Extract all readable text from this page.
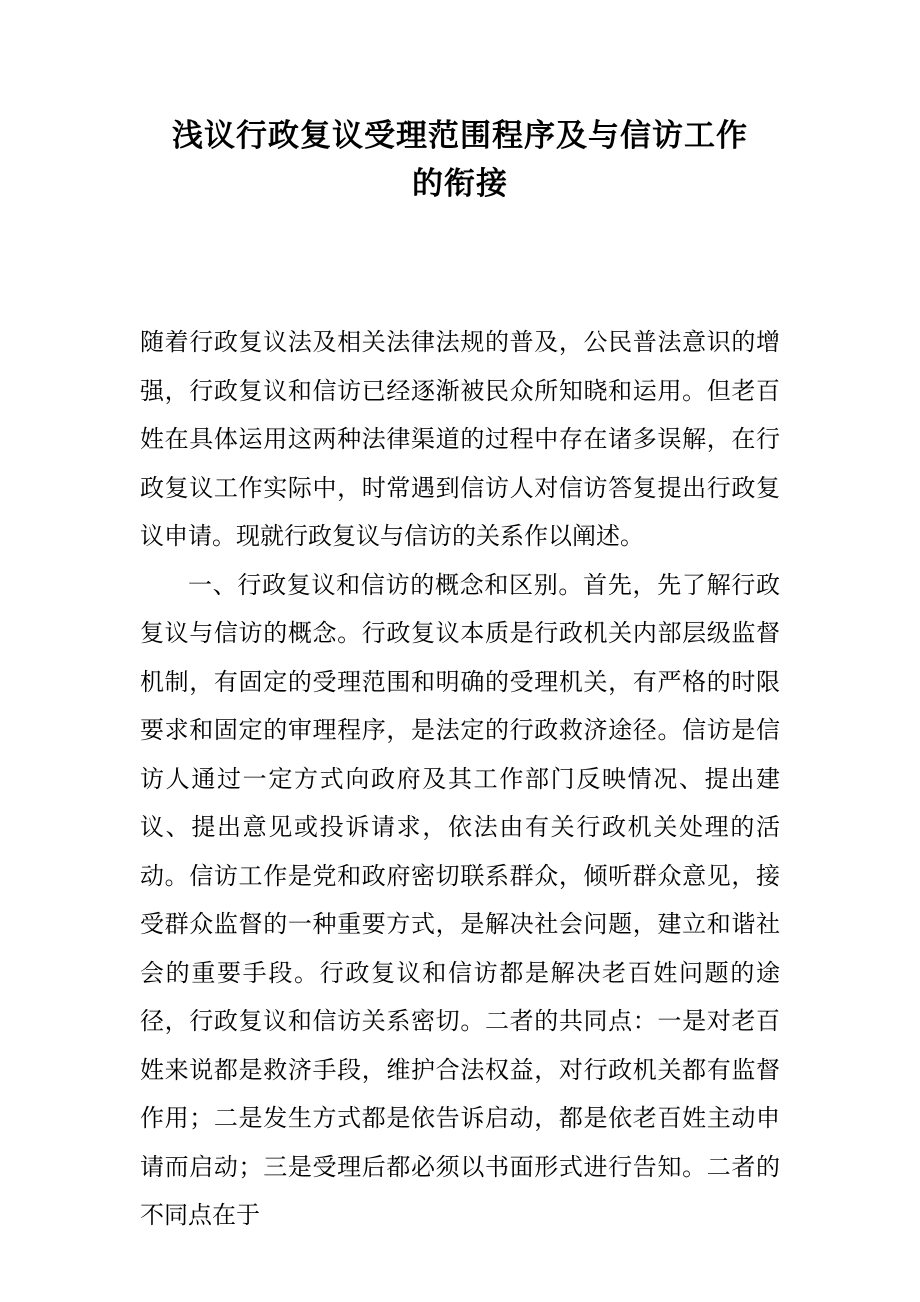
浅议行政复议受理范围程序及与信访工作
的衔接

随着行政复议法及相关法律法规的普及，公民普法意识的增强，行政复议和信访已经逐渐被民众所知晓和运用。但老百姓在具体运用这两种法律渠道的过程中存在诸多误解，在行政复议工作实际中，时常遇到信访人对信访答复提出行政复议申请。现就行政复议与信访的关系作以阐述。

一、行政复议和信访的概念和区别。首先，先了解行政复议与信访的概念。行政复议本质是行政机关内部层级监督机制，有固定的受理范围和明确的受理机关，有严格的时限要求和固定的审理程序，是法定的行政救济途径。信访是信访人通过一定方式向政府及其工作部门反映情况、提出建议、提出意见或投诉请求，依法由有关行政机关处理的活动。信访工作是党和政府密切联系群众，倾听群众意见，接受群众监督的一种重要方式，是解决社会问题，建立和谐社会的重要手段。行政复议和信访都是解决老百姓问题的途径，行政复议和信访关系密切。二者的共同点：一是对老百姓来说都是救济手段，维护合法权益，对行政机关都有监督作用；二是发生方式都是依告诉启动，都是依老百姓主动申请而启动；三是受理后都必须以书面形式进行告知。二者的不同点在于
